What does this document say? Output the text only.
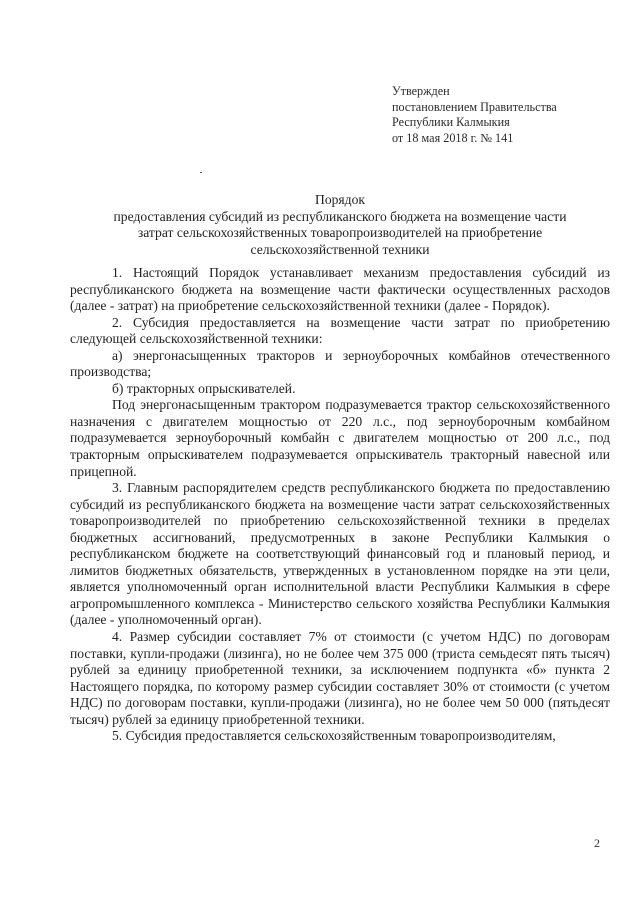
Утвержден
постановлением Правительства
Республики Калмыкия
от 18 мая 2018 г. № 141
Порядок
предоставления субсидий из республиканского бюджета на возмещение части
затрат сельскохозяйственных товаропроизводителей на приобретение
сельскохозяйственной техники

1. Настоящий Порядок устанавливает механизм предоставления субсидий из республиканского бюджета на возмещение части фактически осуществленных расходов (далее - затрат) на приобретение сельскохозяйственной техники (далее - Порядок).

2. Субсидия предоставляется на возмещение части затрат по приобретению следующей сельскохозяйственной техники:

а) энергонасыщенных тракторов и зерноуборочных комбайнов отечественного производства;

б) тракторных опрыскивателей.

Под энергонасыщенным трактором подразумевается трактор сельскохозяйственного назначения с двигателем мощностью от 220 л.с., под зерноуборочным комбайном подразумевается зерноуборочный комбайн с двигателем мощностью от 200 л.с., под тракторным опрыскивателем подразумевается опрыскиватель тракторный навесной или прицепной.

3. Главным распорядителем средств республиканского бюджета по предоставлению субсидий из республиканского бюджета на возмещение части затрат сельскохозяйственных товаропроизводителей по приобретению сельскохозяйственной техники в пределах бюджетных ассигнований, предусмотренных в законе Республики Калмыкия о республиканском бюджете на соответствующий финансовый год и плановый период, и лимитов бюджетных обязательств, утвержденных в установленном порядке на эти цели, является уполномоченный орган исполнительной власти Республики Калмыкия в сфере агропромышленного комплекса - Министерство сельского хозяйства Республики Калмыкия (далее - уполномоченный орган).

4. Размер субсидии составляет 7% от стоимости (с учетом НДС) по договорам поставки, купли-продажи (лизинга), но не более чем 375 000 (триста семьдесят пять тысяч) рублей за единицу приобретенной техники, за исключением подпункта «б» пункта 2 Настоящего порядка, по которому размер субсидии составляет 30% от стоимости (с учетом НДС) по договорам поставки, купли-продажи (лизинга), но не более чем 50 000 (пятьдесят тысяч) рублей за единицу приобретенной техники.

5. Субсидия предоставляется сельскохозяйственным товаропроизводителям,

2
